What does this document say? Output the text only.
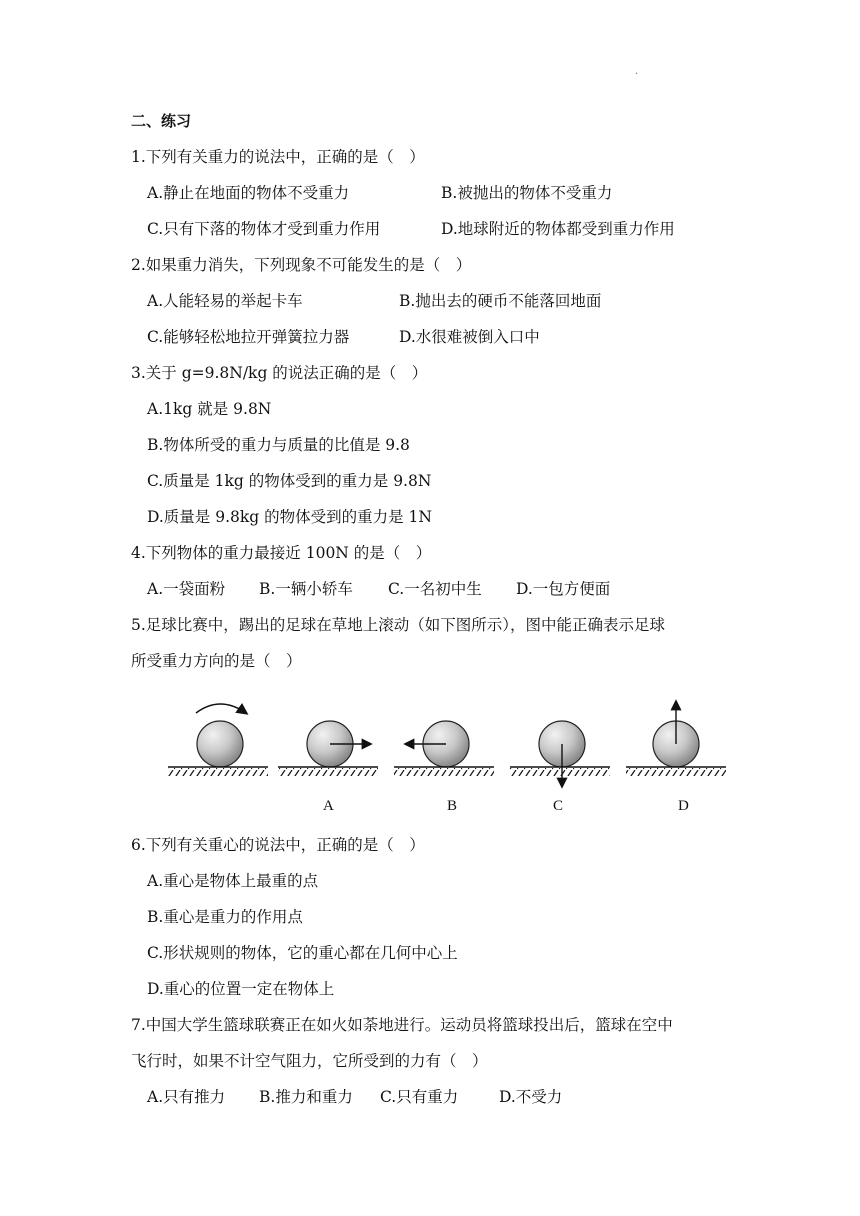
.
二、练习
1.下列有关重力的说法中，正确的是（　）
A.静止在地面的物体不受重力	B.被抛出的物体不受重力
C.只有下落的物体才受到重力作用	D.地球附近的物体都受到重力作用
2.如果重力消失，下列现象不可能发生的是（　）
A.人能轻易的举起卡车	B.抛出去的硬币不能落回地面
C.能够轻松地拉开弹簧拉力器	D.水很难被倒入口中
3.关于 g=9.8N/kg 的说法正确的是（　）
A.1kg 就是 9.8N
B.物体所受的重力与质量的比值是 9.8
C.质量是 1kg 的物体受到的重力是 9.8N
D.质量是 9.8kg 的物体受到的重力是 1N
4.下列物体的重力最接近 100N 的是（　）
A.一袋面粉 B.一辆小轿车 C.一名初中生 D.一包方便面
5.足球比赛中，踢出的足球在草地上滚动（如下图所示），图中能正确表示足球
所受重力方向的是（　）
A	B	C	D
6.下列有关重心的说法中，正确的是（　）
A.重心是物体上最重的点
B.重心是重力的作用点
C.形状规则的物体，它的重心都在几何中心上
D.重心的位置一定在物体上
7.中国大学生篮球联赛正在如火如荼地进行。运动员将篮球投出后，篮球在空中
飞行时，如果不计空气阻力，它所受到的力有（　）
A.只有推力 B.推力和重力 C.只有重力	D.不受力
